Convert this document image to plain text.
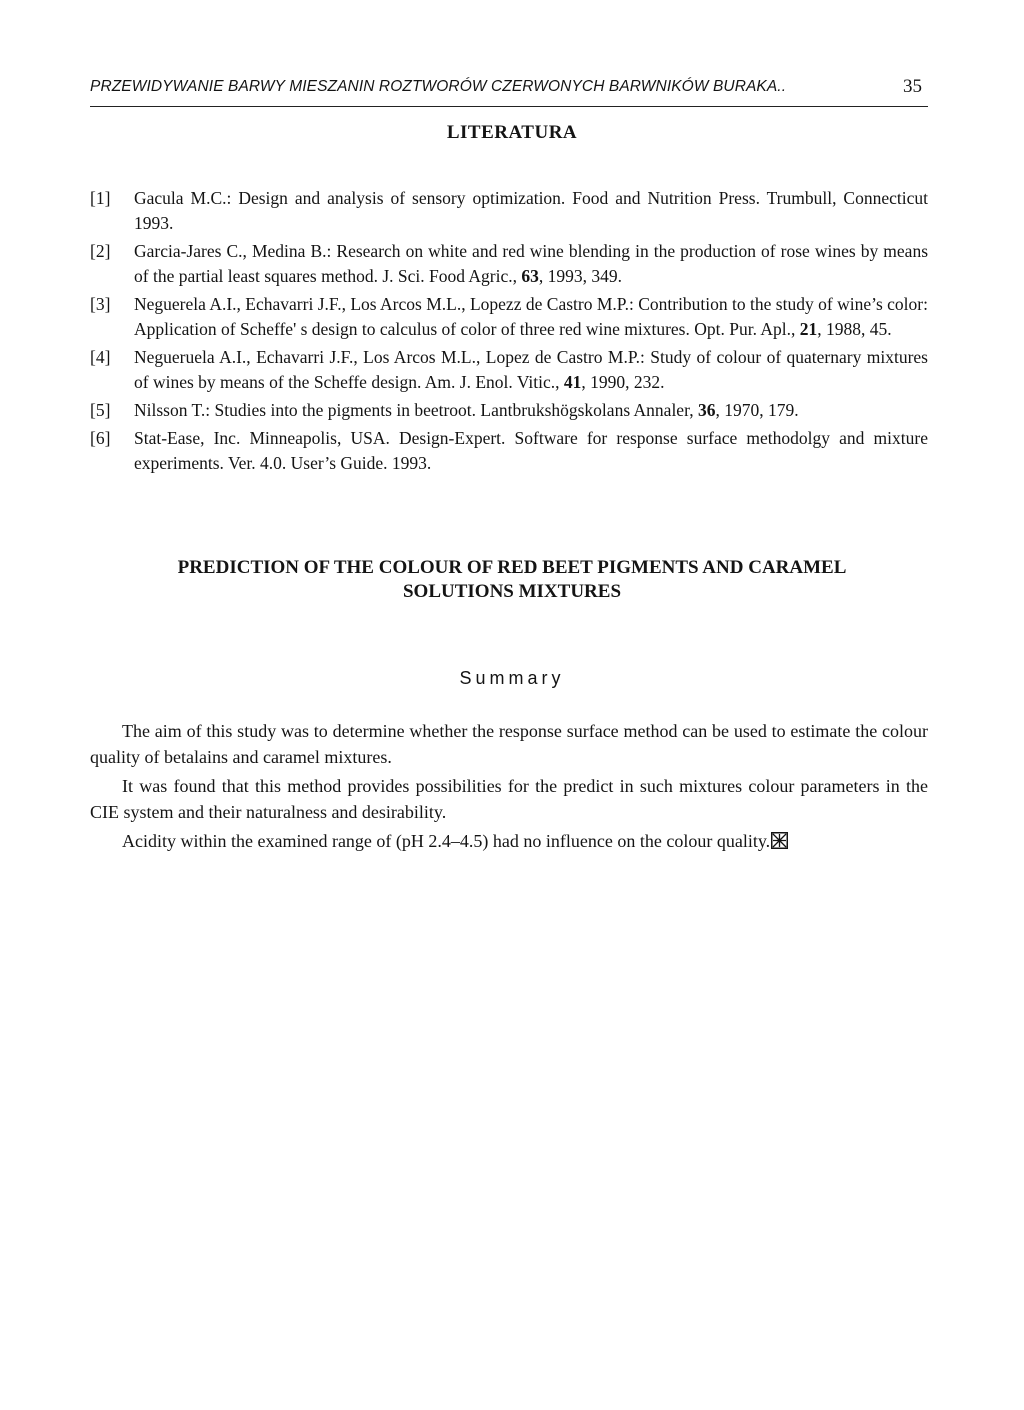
PRZEWIDYWANIE BARWY MIESZANIN ROZTWORÓW CZERWONYCH BARWNIKÓW BURAKA..	35
LITERATURA
[1]	Gacula M.C.: Design and analysis of sensory optimization. Food and Nutrition Press. Trumbull, Connecticut 1993.
[2]	Garcia-Jares C., Medina B.: Research on white and red wine blending in the production of rose wines by means of the partial least squares method. J. Sci. Food Agric., 63, 1993, 349.
[3]	Neguerela A.I., Echavarri J.F., Los Arcos M.L., Lopezz de Castro M.P.: Contribution to the study of wine’s color: Application of Scheffe' s design to calculus of color of three red wine mixtures. Opt. Pur. Apl., 21, 1988, 45.
[4]	Negueruela A.I., Echavarri J.F., Los Arcos M.L., Lopez de Castro M.P.: Study of colour of quaternary mixtures of wines by means of the Scheffe design. Am. J. Enol. Vitic., 41, 1990, 232.
[5]	Nilsson T.: Studies into the pigments in beetroot. Lantbrukshögskolans Annaler, 36, 1970, 179.
[6]	Stat-Ease, Inc. Minneapolis, USA. Design-Expert. Software for response surface methodolgy and mixture experiments. Ver. 4.0. User’s Guide. 1993.
PREDICTION OF THE COLOUR OF RED BEET PIGMENTS AND CARAMEL
SOLUTIONS MIXTURES
Summary

The aim of this study was to determine whether the response surface method can be used to estimate the colour quality of betalains and caramel mixtures.

It was found that this method provides possibilities for the predict in such mixtures colour parameters in the CIE system and their naturalness and desirability.

Acidity within the examined range of (pH 2.4–4.5) had no influence on the colour quality.
